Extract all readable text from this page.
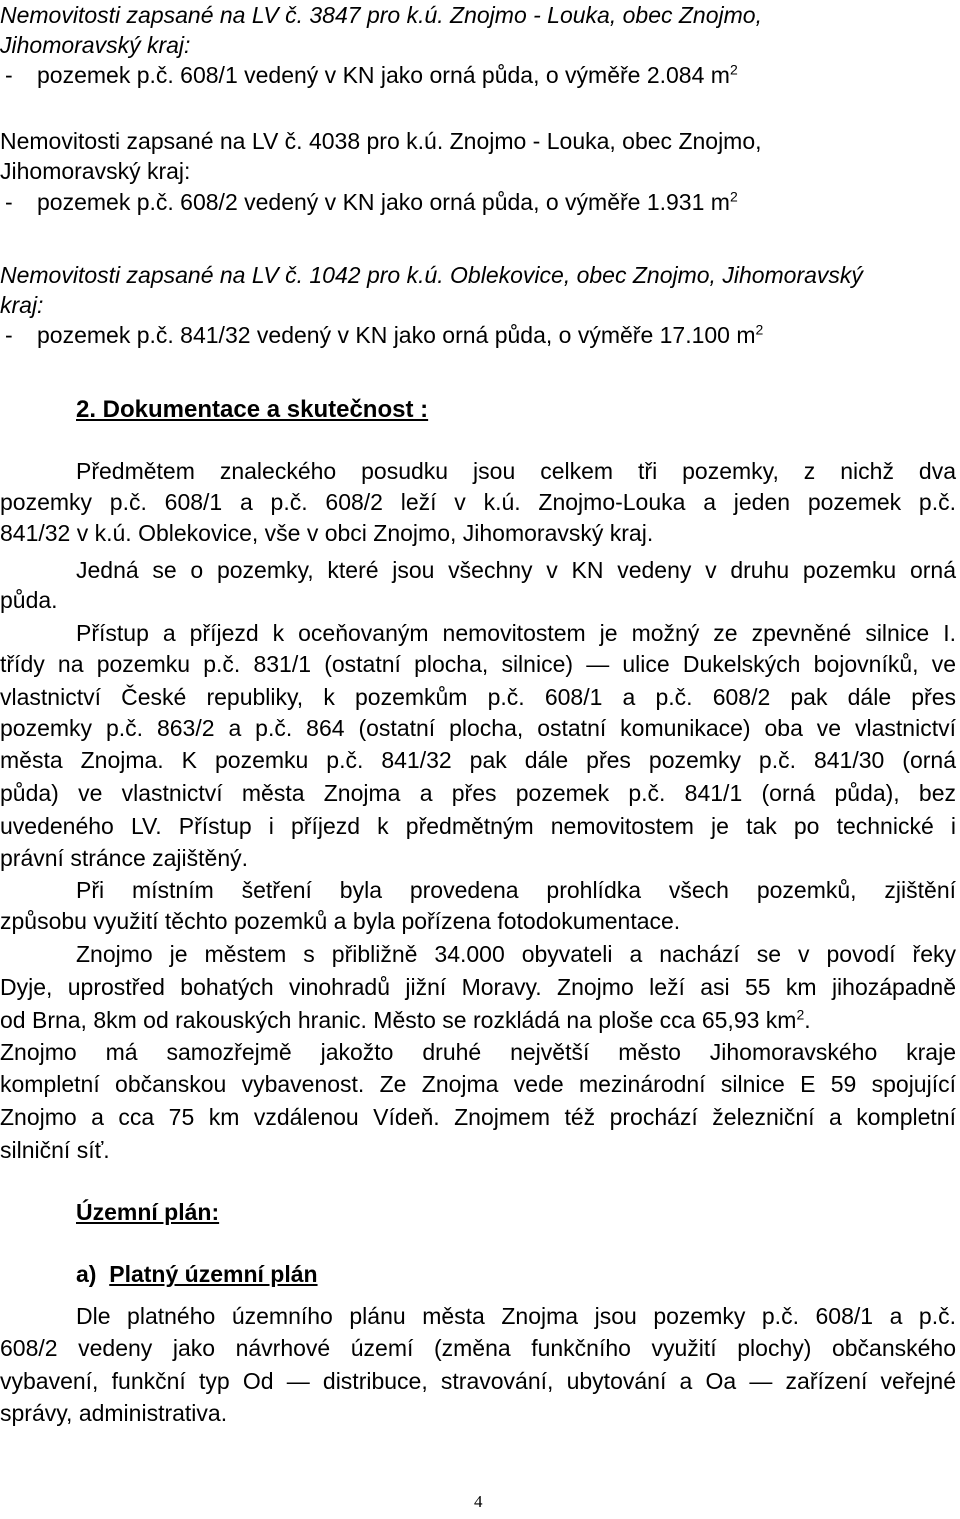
Nemovitosti zapsané na LV č. 3847 pro k.ú. Znojmo - Louka, obec Znojmo,
Jihomoravský kraj:
- pozemek p.č. 608/1 vedený v KN jako orná půda, o výměře 2.084 $m^2$
Nemovitosti zapsané na LV č. 4038 pro k.ú. Znojmo - Louka, obec Znojmo,
Jihomoravský kraj:
- pozemek p.č. 608/2 vedený v KN jako orná půda, o výměře 1.931 $m^2$
Nemovitosti zapsané na LV č. 1042 pro k.ú. Oblekovice, obec Znojmo, Jihomoravský
kraj:
- pozemek p.č. 841/32 vedený v KN jako orná půda, o výměře 17.100 $m^2$
2. Dokumentace a skutečnost :
Předmětem znaleckého posudku jsou celkem tři pozemky, z nichž dva
pozemky p.č. 608/1 a p.č. 608/2 leží v k.ú. Znojmo-Louka a jeden pozemek p.č.
841/32 v k.ú. Oblekovice, vše v obci Znojmo, Jihomoravský kraj.
Jedná se o pozemky, které jsou všechny v KN vedeny v druhu pozemku orná
půda.
Přístup a příjezd k oceňovaným nemovitostem je možný ze zpevněné silnice I.
třídy na pozemku p.č. 831/1 (ostatní plocha, silnice) — ulice Dukelských bojovníků, ve
vlastnictví České republiky, k pozemkům p.č. 608/1 a p.č. 608/2 pak dále přes
pozemky p.č. 863/2 a p.č. 864 (ostatní plocha, ostatní komunikace) oba ve vlastnictví
města Znojma. K pozemku p.č. 841/32 pak dále přes pozemky p.č. 841/30 (orná
půda) ve vlastnictví města Znojma a přes pozemek p.č. 841/1 (orná půda), bez
uvedeného LV. Přístup i příjezd k předmětným nemovitostem je tak po technické i
právní stránce zajištěný.
Při místním šetření byla provedena prohlídka všech pozemků, zjištění
způsobu využití těchto pozemků a byla pořízena fotodokumentace.
Znojmo je městem s přibližně 34.000 obyvateli a nachází se v povodí řeky
Dyje, uprostřed bohatých vinohradů jižní Moravy. Znojmo leží asi 55 km jihozápadně
od Brna, 8km od rakouských hranic. Město se rozkládá na ploše cca 65,93 $km^2$.
Znojmo má samozřejmě jakožto druhé největší město Jihomoravského kraje
kompletní občanskou vybavenost. Ze Znojma vede mezinárodní silnice E 59 spojující
Znojmo a cca 75 km vzdálenou Vídeň. Znojmem též prochází železniční a kompletní
silniční síť.
Územní plán:
a) Platný územní plán
Dle platného územního plánu města Znojma jsou pozemky p.č. 608/1 a p.č.
608/2 vedeny jako návrhové území (změna funkčního využití plochy) občanského
vybavení, funkční typ Od — distribuce, stravování, ubytování a Oa — zařízení veřejné
správy, administrativa.
4
